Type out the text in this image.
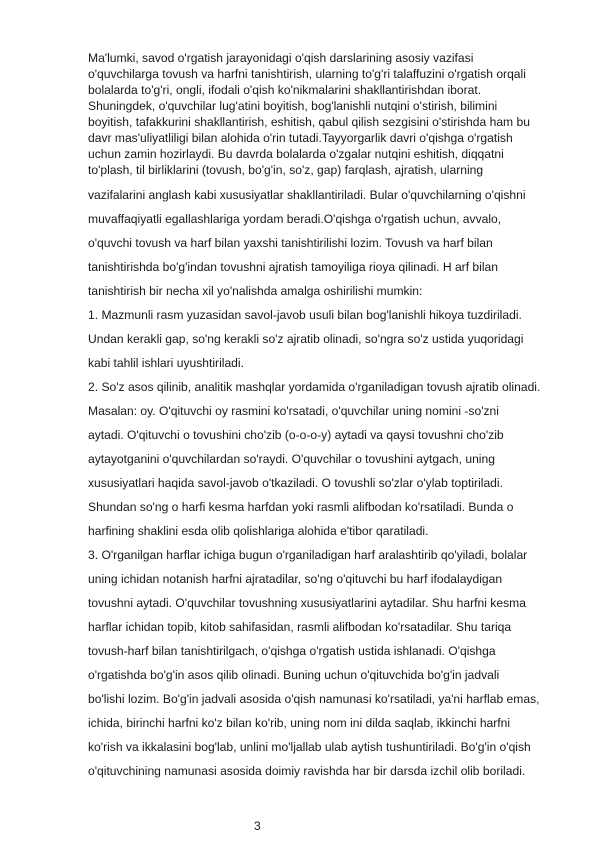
Ma'lumki, savod o'rgatish jarayonidagi o'qish darslarining asosiy vazifasi
o'quvchilarga tovush va harfni tanishtirish, ularning to'g'ri talaffuzini o'rgatish orqali
bolalarda to'g'ri, ongli, ifodali o'qish ko'nikmalarini shakllantirishdan iborat.
Shuningdek, o'quvchilar lug'atini boyitish, bog'lanishli nutqini o'stirish, bilimini
boyitish, tafakkurini shakllantirish, eshitish, qabul qilish sezgisini o'stirishda ham bu
davr mas'uliyatliligi bilan alohida o'rin tutadi.Tayyorgarlik davri o'qishga o'rgatish
uchun zamin hozirlaydi. Bu davrda bolalarda o'zgalar nutqini eshitish, diqqatni
to'plash, til birliklarini (tovush, bo'g'in, so'z, gap) farqlash, ajratish, ularning
vazifalarini anglash kabi xususiyatlar shakllantiriladi. Bular o'quvchilarning o'qishni
muvaffaqiyatli egallashlariga yordam beradi.O'qishga o'rgatish uchun, avvalo,
o'quvchi tovush va harf bilan yaxshi tanishtirilishi lozim. Tovush va harf bilan
tanishtirishda bo'g'indan tovushni ajratish tamoyiliga rioya qilinadi. H arf bilan
tanishtirish bir necha xil yo'nalishda amalga oshirilishi mumkin:
1. Mazmunli rasm yuzasidan savol-javob usuli bilan bog'lanishli hikoya tuzdiriladi.
Undan kerakli gap, so'ng kerakli so'z ajratib olinadi, so'ngra so'z ustida yuqoridagi
kabi tahlil ishlari uyushtiriladi.
2. So'z asos qilinib, analitik mashqlar yordamida o'rganiladigan tovush ajratib olinadi.
Masalan: oy. O'qituvchi oy rasmini ko'rsatadi, o'quvchilar uning nomini -so'zni
aytadi. O'qituvchi o tovushini cho'zib (o-o-o-y) aytadi va qaysi tovushni cho'zib
aytayotganini o'quvchilardan so'raydi. O'quvchilar o tovushini aytgach, uning
xususiyatlari haqida savol-javob o'tkaziladi. O tovushli so'zlar o'ylab toptiriladi.
Shundan so'ng o harfi kesma harfdan yoki rasmli alifbodan ko'rsatiladi. Bunda o
harfining shaklini esda olib qolishlariga alohida e'tibor qaratiladi.
3. O'rganilgan harflar ichiga bugun o'rganiladigan harf aralashtirib qo'yiladi, bolalar
uning ichidan notanish harfni ajratadilar, so'ng o'qituvchi bu harf ifodalaydigan
tovushni aytadi. O'quvchilar tovushning xususiyatlarini aytadilar. Shu harfni kesma
harflar ichidan topib, kitob sahifasidan, rasmli alifbodan ko'rsatadilar. Shu tariqa
tovush-harf bilan tanishtirilgach, o'qishga o'rgatish ustida ishlanadi. O'qishga
o'rgatishda bo'g'in asos qilib olinadi. Buning uchun o'qituvchida bo'g'in jadvali
bo'lishi lozim. Bo'g'in jadvali asosida o'qish namunasi ko'rsatiladi, ya'ni harflab emas,
ichida, birinchi harfni ko'z bilan ko'rib, uning nom ini dilda saqlab, ikkinchi harfni
ko'rish va ikkalasini bog'lab, unlini mo'ljallab ulab aytish tushuntiriladi. Bo'g'in o'qish
o'qituvchining namunasi asosida doimiy ravishda har bir darsda izchil olib boriladi.
3
